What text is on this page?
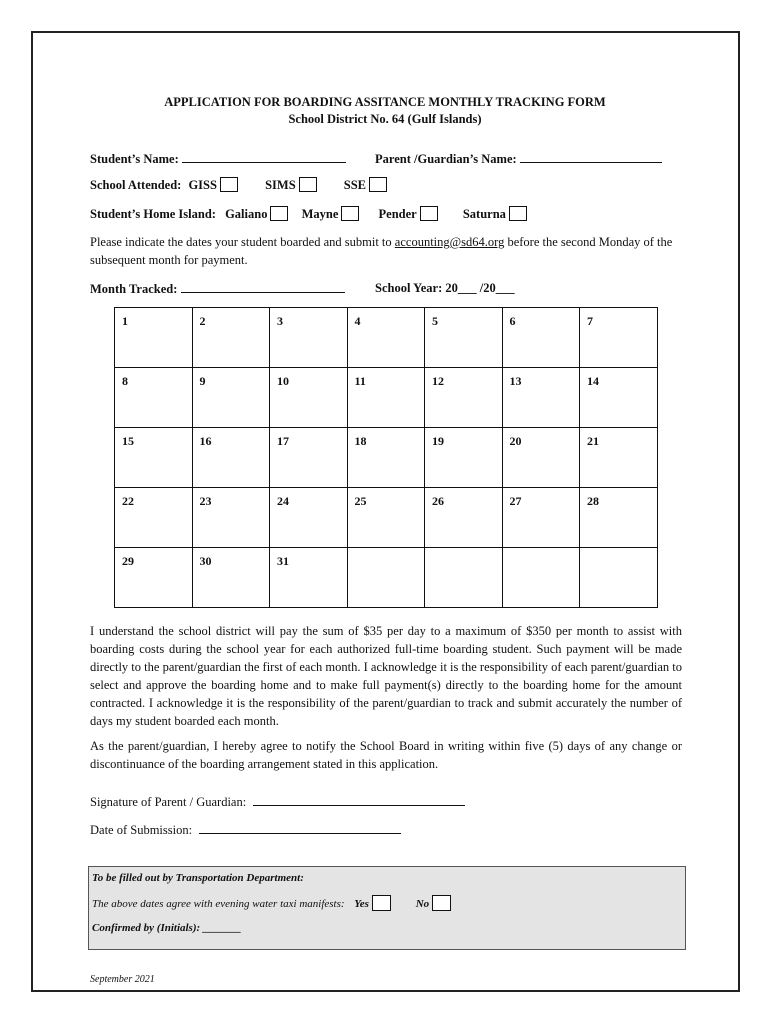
APPLICATION FOR BOARDING ASSITANCE MONTHLY TRACKING FORM
School District No. 64 (Gulf Islands)
Student’s Name:	Parent /Guardian’s Name:
School Attended: GISS	SIMS	SSE
Student’s Home Island: Galiano	Mayne	Pender	Saturna
Please indicate the dates your student boarded and submit to accounting@sd64.org before the second Monday of the subsequent month for payment.
Month Tracked:	School Year: 20___ /20___
1	2	3	4	5	6	7
8	9	10	11	12	13	14
15	16	17	18	19	20	21
22	23	24	25	26	27	28
29	30	31				
I understand the school district will pay the sum of $35 per day to a maximum of $350 per month to assist with boarding costs during the school year for each authorized full-time boarding student. Such payment will be made directly to the parent/guardian the first of each month. I acknowledge it is the responsibility of each parent/guardian to select and approve the boarding home and to make full payment(s) directly to the boarding home for the amount contracted. I acknowledge it is the responsibility of the parent/guardian to track and submit accurately the number of days my student boarded each month.
As the parent/guardian, I hereby agree to notify the School Board in writing within five (5) days of any change or discontinuance of the boarding arrangement stated in this application.
Signature of Parent / Guardian:
Date of Submission:
To be filled out by Transportation Department:
The above dates agree with evening water taxi manifests: Yes	No
Confirmed by (Initials): _______
September 2021
